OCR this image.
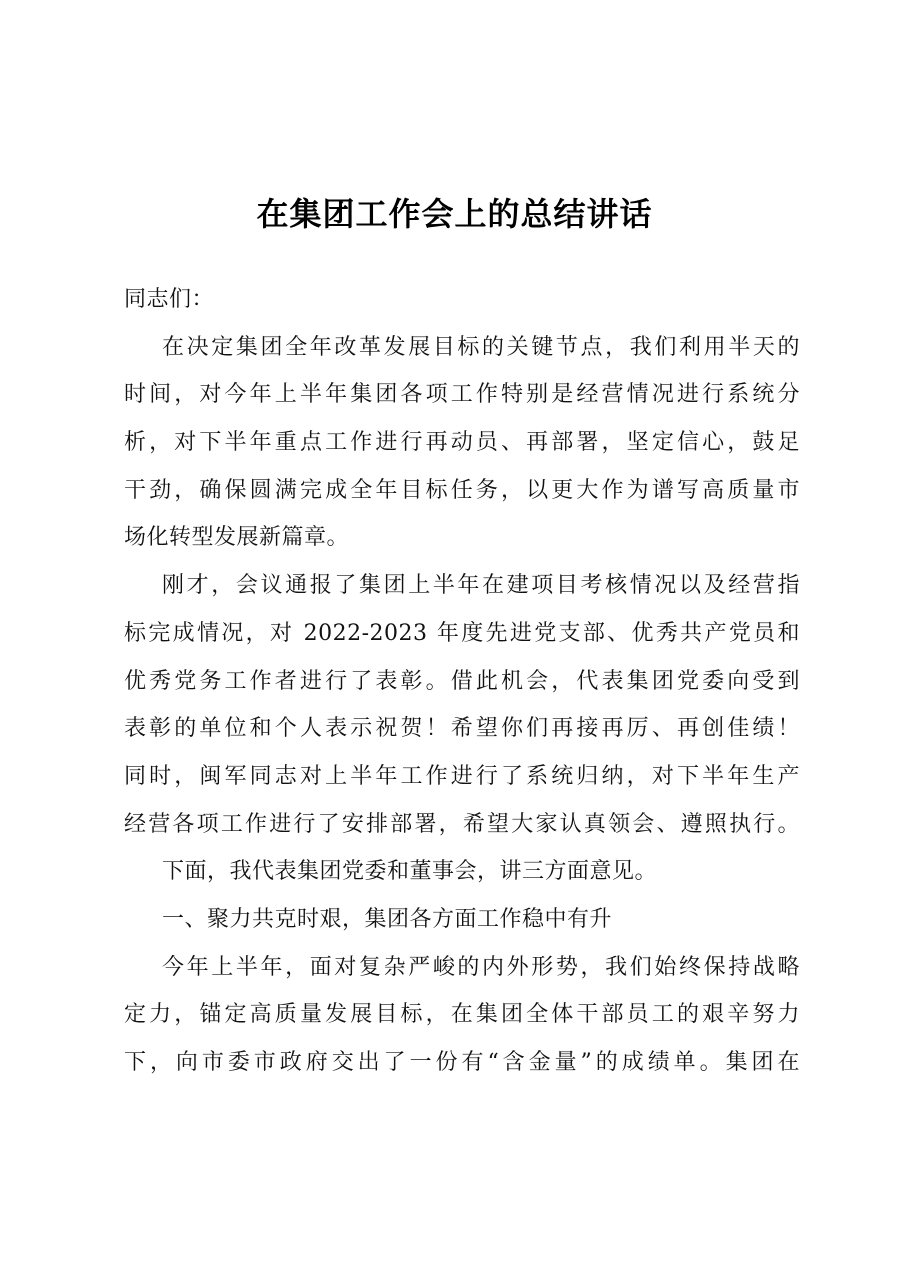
在集团工作会上的总结讲话
同志们：
在决定集团全年改革发展目标的关键节点，我们利用半天的
时间，对今年上半年集团各项工作特别是经营情况进行系统分
析，对下半年重点工作进行再动员、再部署，坚定信心，鼓足
干劲，确保圆满完成全年目标任务，以更大作为谱写高质量市
场化转型发展新篇章。
刚才，会议通报了集团上半年在建项目考核情况以及经营指
标完成情况，对 2022-2023 年度先进党支部、优秀共产党员和
优秀党务工作者进行了表彰。借此机会，代表集团党委向受到
表彰的单位和个人表示祝贺！希望你们再接再厉、再创佳绩！
同时，闽军同志对上半年工作进行了系统归纳，对下半年生产
经营各项工作进行了安排部署，希望大家认真领会、遵照执行。
下面，我代表集团党委和董事会，讲三方面意见。
一、聚力共克时艰，集团各方面工作稳中有升
今年上半年，面对复杂严峻的内外形势，我们始终保持战略
定力，锚定高质量发展目标，在集团全体干部员工的艰辛努力
下，向市委市政府交出了一份有“含金量”的成绩单。集团在
